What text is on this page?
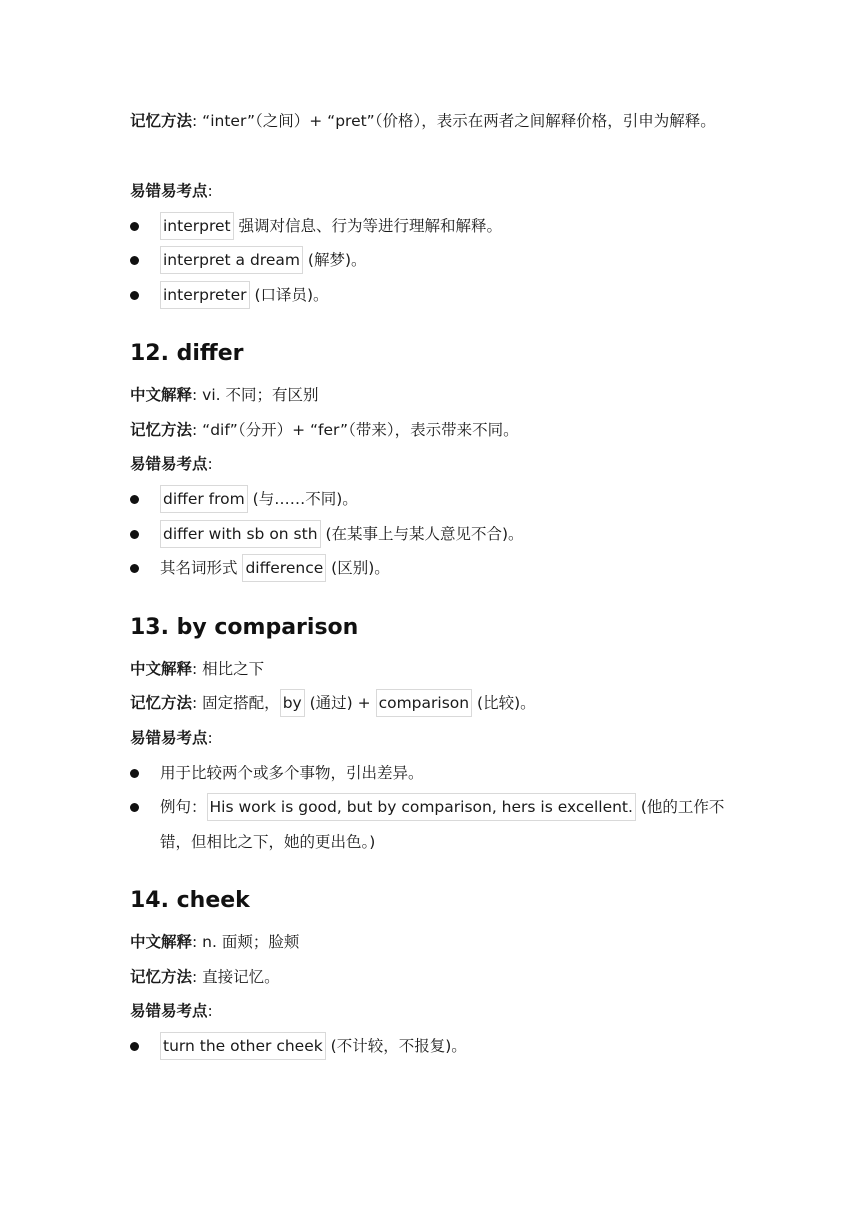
记忆方法: “inter”（之间）+ “pret”（价格），表示在两者之间解释价格，引申为解释。
易错易考点:
interpret 强调对信息、行为等进行理解和解释。
interpret a dream (解梦)。
interpreter (口译员)。
12. differ
中文解释: vi. 不同；有区别
记忆方法: “dif”（分开）+ “fer”（带来），表示带来不同。
易错易考点:
differ from (与……不同)。
differ with sb on sth (在某事上与某人意见不合)。
其名词形式 difference (区别)。
13. by comparison
中文解释: 相比之下
记忆方法: 固定搭配， by (通过) + comparison (比较)。
易错易考点:
用于比较两个或多个事物，引出差异。
例句： His work is good, but by comparison, hers is excellent. (他的工作不错，但相比之下，她的更出色。)
14. cheek
中文解释: n. 面颊；脸颊
记忆方法: 直接记忆。
易错易考点:
turn the other cheek (不计较，不报复)。
